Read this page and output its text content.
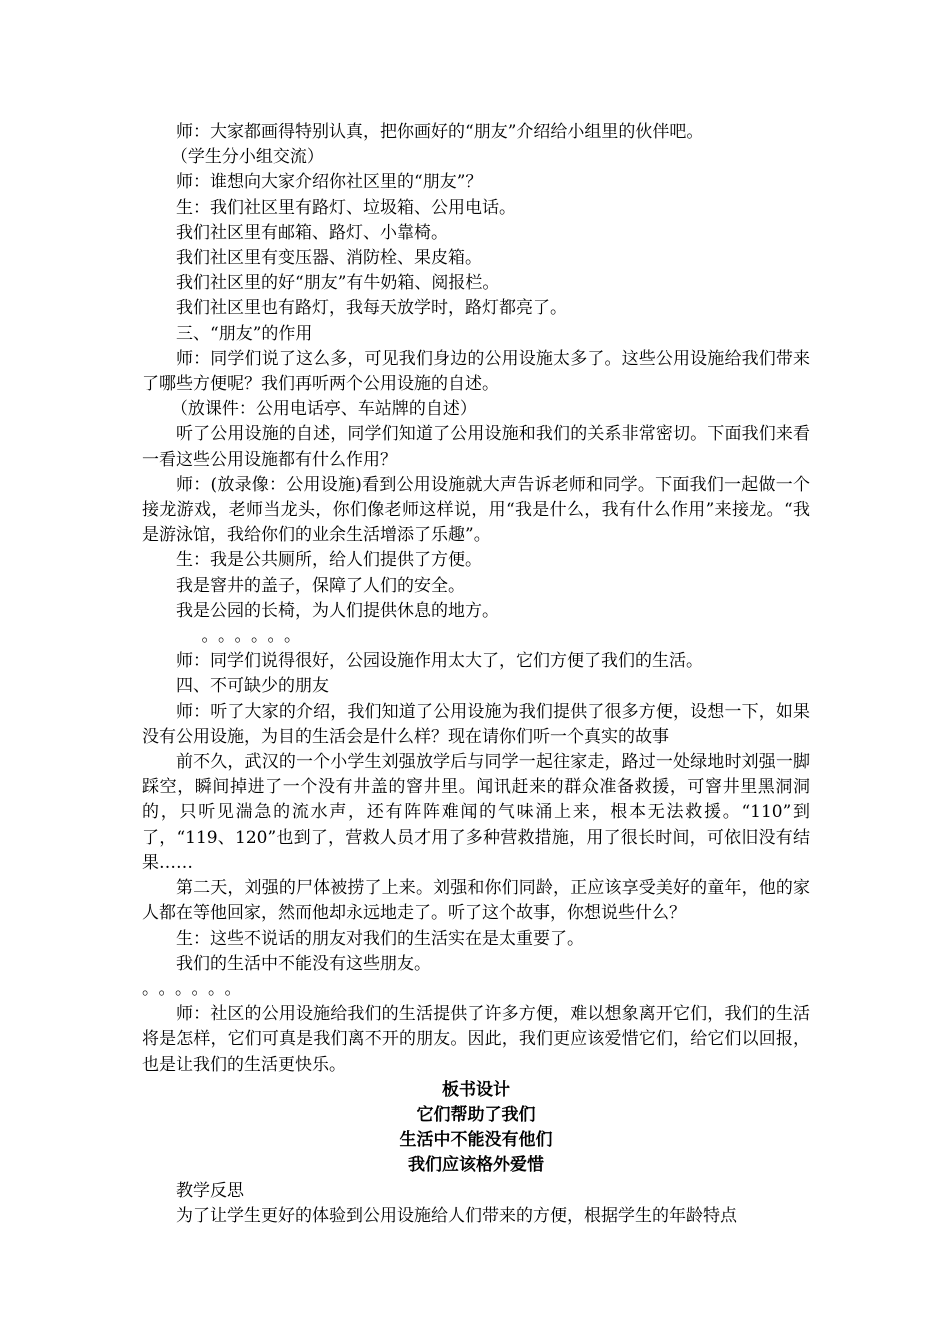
师：大家都画得特别认真，把你画好的“朋友”介绍给小组里的伙伴吧。

（学生分小组交流）

师：谁想向大家介绍你社区里的“朋友”？

生：我们社区里有路灯、垃圾箱、公用电话。

我们社区里有邮箱、路灯、小靠椅。

我们社区里有变压器、消防栓、果皮箱。

我们社区里的好“朋友”有牛奶箱、阅报栏。

我们社区里也有路灯，我每天放学时，路灯都亮了。

三、“朋友”的作用

师：同学们说了这么多，可见我们身边的公用设施太多了。这些公用设施给我们带来了哪些方便呢？我们再听两个公用设施的自述。

（放课件：公用电话亭、车站牌的自述）

听了公用设施的自述，同学们知道了公用设施和我们的关系非常密切。下面我们来看一看这些公用设施都有什么作用？

师：(放录像：公用设施)看到公用设施就大声告诉老师和同学。下面我们一起做一个接龙游戏，老师当龙头，你们像老师这样说，用“我是什么，我有什么作用”来接龙。“我是游泳馆，我给你们的业余生活增添了乐趣”。

生：我是公共厕所，给人们提供了方便。

我是窨井的盖子，保障了人们的安全。

我是公园的长椅，为人们提供休息的地方。

。。。。。。

师：同学们说得很好，公园设施作用太大了，它们方便了我们的生活。

四、不可缺少的朋友

师：听了大家的介绍，我们知道了公用设施为我们提供了很多方便，设想一下，如果没有公用设施，为目的生活会是什么样？现在请你们听一个真实的故事

前不久，武汉的一个小学生刘强放学后与同学一起往家走，路过一处绿地时刘强一脚踩空，瞬间掉进了一个没有井盖的窨井里。闻讯赶来的群众准备救援，可窨井里黑洞洞的，只听见湍急的流水声，还有阵阵难闻的气味涌上来，根本无法救援。“110”到了，“119、120”也到了，营救人员才用了多种营救措施，用了很长时间，可依旧没有结果……

第二天，刘强的尸体被捞了上来。刘强和你们同龄，正应该享受美好的童年，他的家人都在等他回家，然而他却永远地走了。听了这个故事，你想说些什么？

生：这些不说话的朋友对我们的生活实在是太重要了。

我们的生活中不能没有这些朋友。

。。。。。。

师：社区的公用设施给我们的生活提供了许多方便，难以想象离开它们，我们的生活将是怎样，它们可真是我们离不开的朋友。因此，我们更应该爱惜它们，给它们以回报，也是让我们的生活更快乐。

板书设计

它们帮助了我们

生活中不能没有他们

我们应该格外爱惜

教学反思

为了让学生更好的体验到公用设施给人们带来的方便，根据学生的年龄特点
